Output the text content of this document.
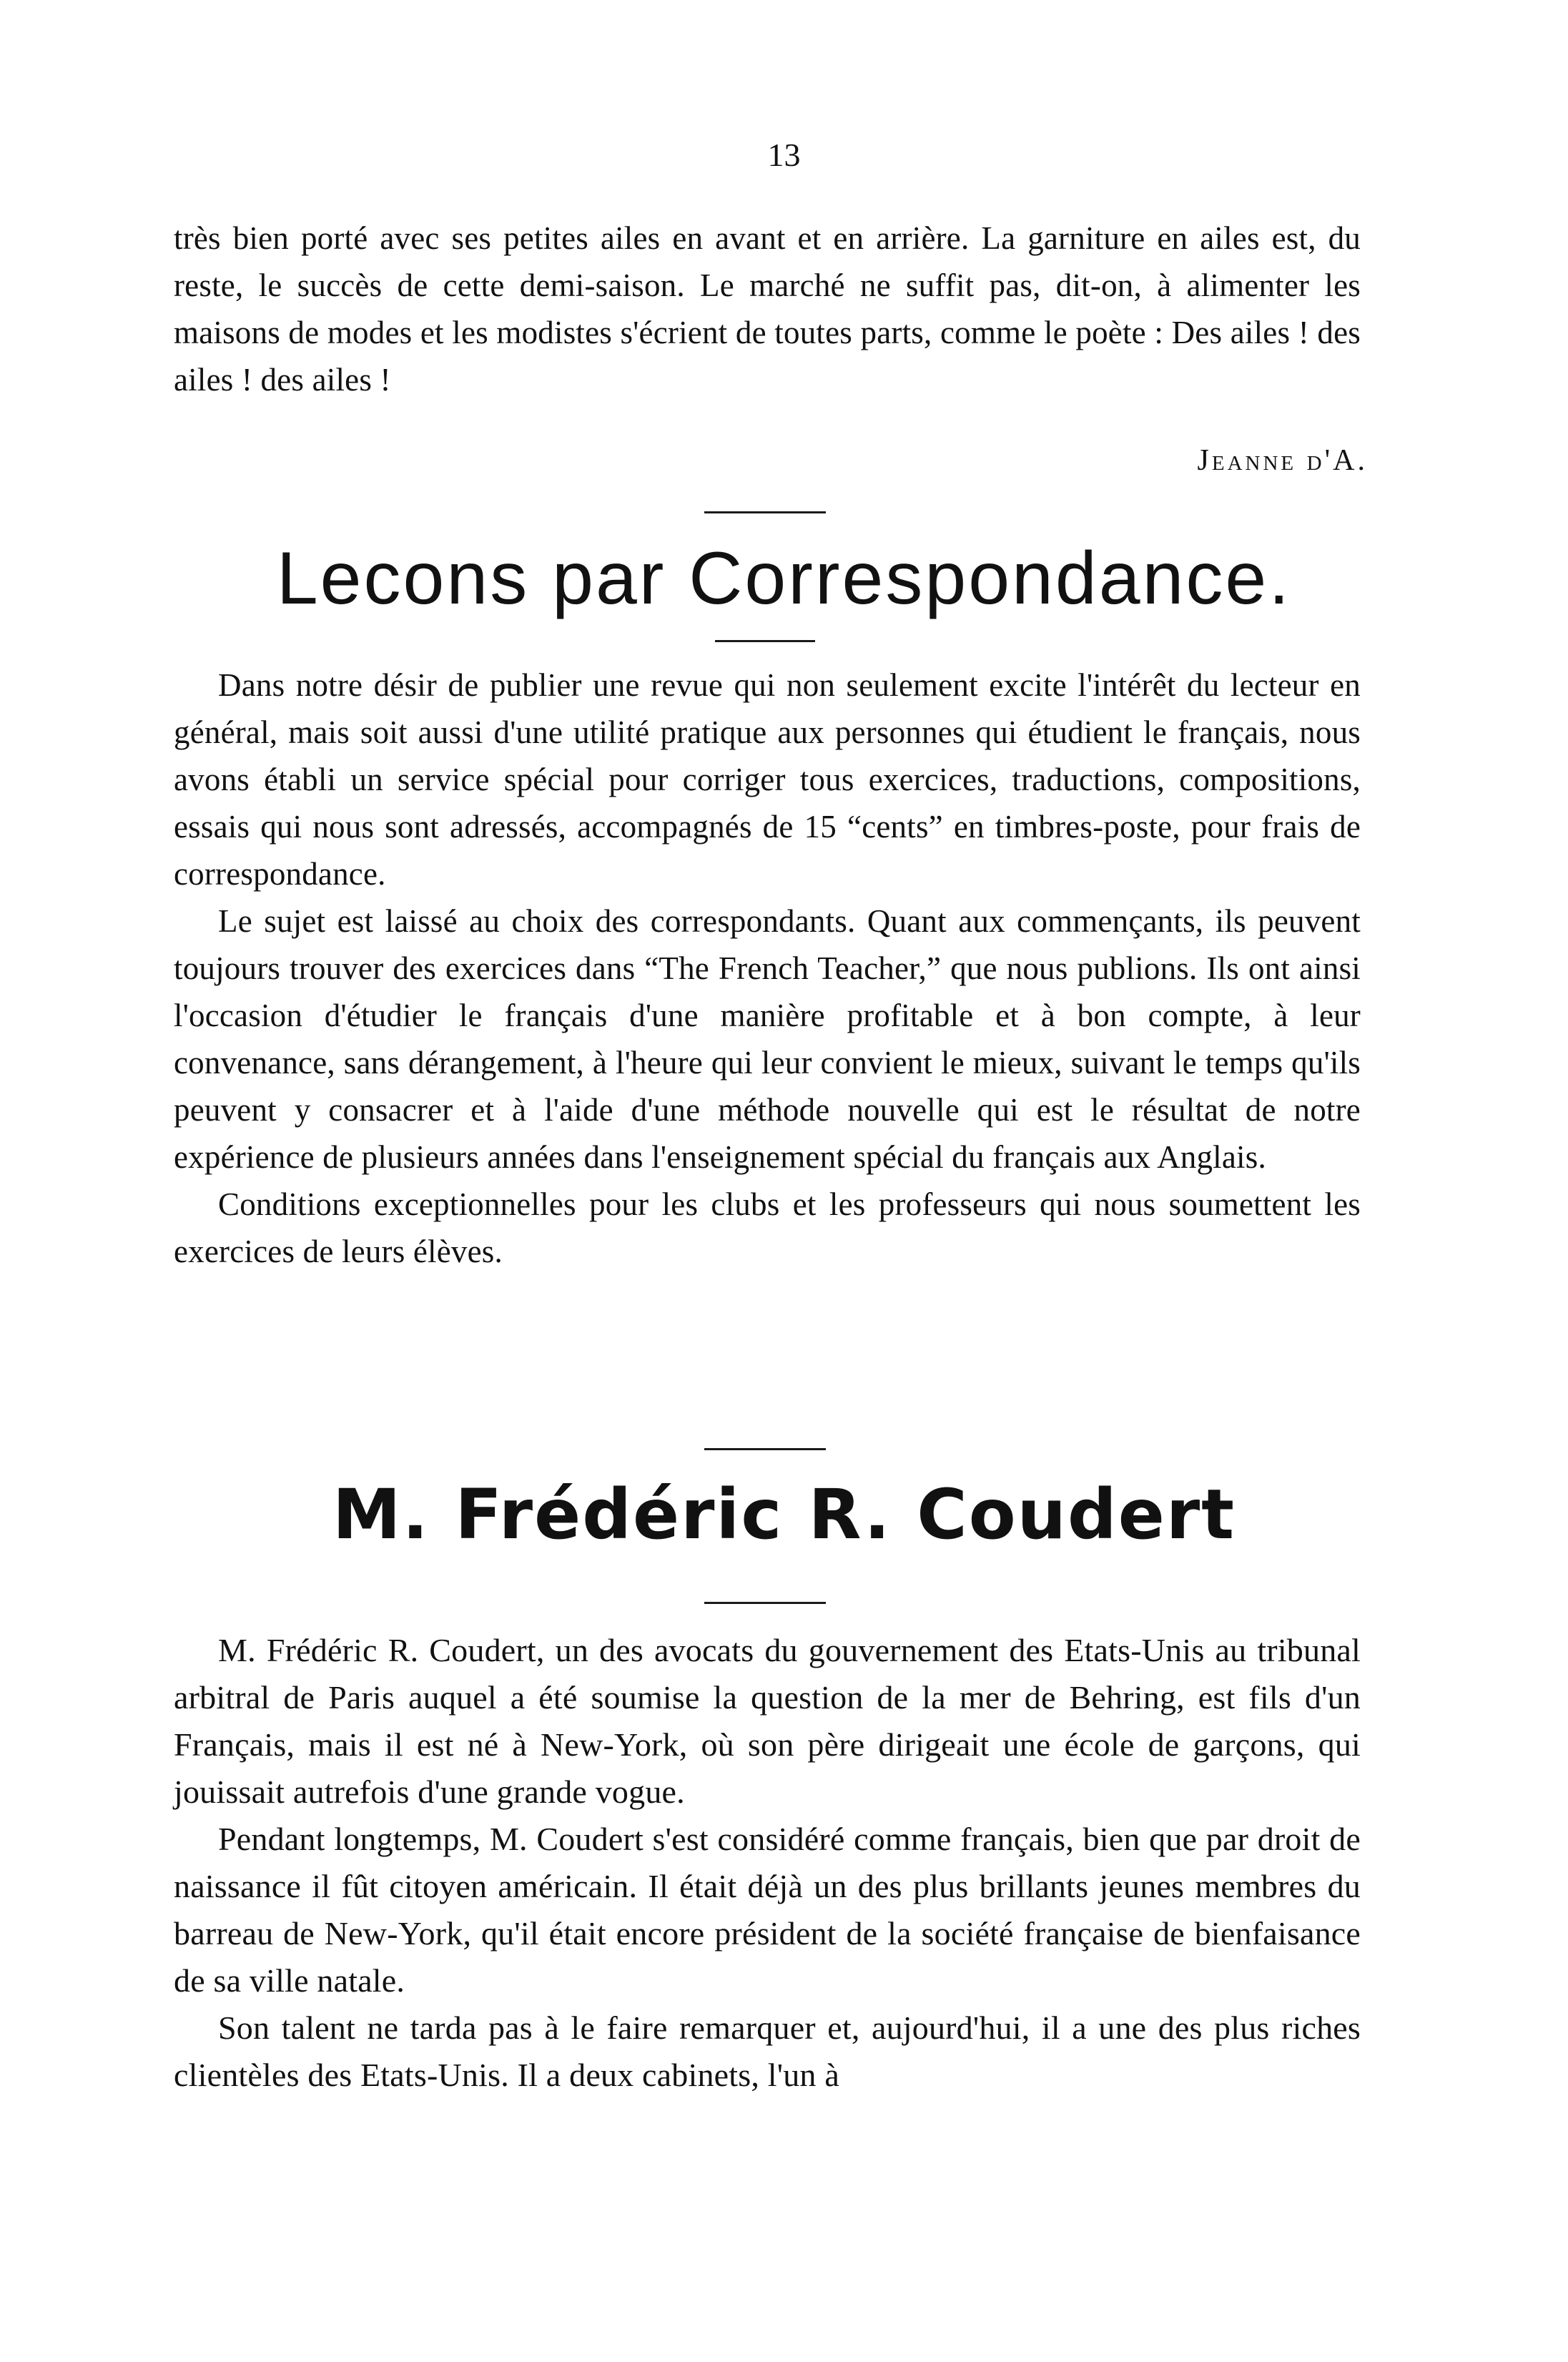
13

très bien porté avec ses petites ailes en avant et en arrière. La garniture en ailes est, du reste, le succès de cette demi-saison. Le marché ne suffit pas, dit-on, à alimenter les maisons de modes et les modistes s'écrient de toutes parts, comme le poète : Des ailes ! des ailes ! des ailes !

Jeanne d'A.
Lecons par Correspondance.

Dans notre désir de publier une revue qui non seulement excite l'intérêt du lecteur en général, mais soit aussi d'une utilité pratique aux personnes qui étudient le français, nous avons établi un service spécial pour corriger tous exercices, traductions, compositions, essais qui nous sont adressés, accompagnés de 15 “cents” en timbres-poste, pour frais de correspondance.

Le sujet est laissé au choix des correspondants. Quant aux commençants, ils peuvent toujours trouver des exercices dans “The French Teacher,” que nous publions. Ils ont ainsi l'occasion d'étudier le français d'une manière profitable et à bon compte, à leur convenance, sans dérangement, à l'heure qui leur convient le mieux, suivant le temps qu'ils peuvent y consacrer et à l'aide d'une méthode nouvelle qui est le résultat de notre expérience de plusieurs années dans l'enseignement spécial du français aux Anglais.

Conditions exceptionnelles pour les clubs et les professeurs qui nous soumettent les exercices de leurs élèves.

M. Frédéric R. Coudert

M. Frédéric R. Coudert, un des avocats du gouvernement des Etats-Unis au tribunal arbitral de Paris auquel a été soumise la question de la mer de Behring, est fils d'un Français, mais il est né à New-York, où son père dirigeait une école de garçons, qui jouissait autrefois d'une grande vogue.

Pendant longtemps, M. Coudert s'est considéré comme français, bien que par droit de naissance il fût citoyen américain. Il était déjà un des plus brillants jeunes membres du barreau de New-York, qu'il était encore président de la société française de bienfaisance de sa ville natale.

Son talent ne tarda pas à le faire remarquer et, aujourd'hui, il a une des plus riches clientèles des Etats-Unis. Il a deux cabinets, l'un à
